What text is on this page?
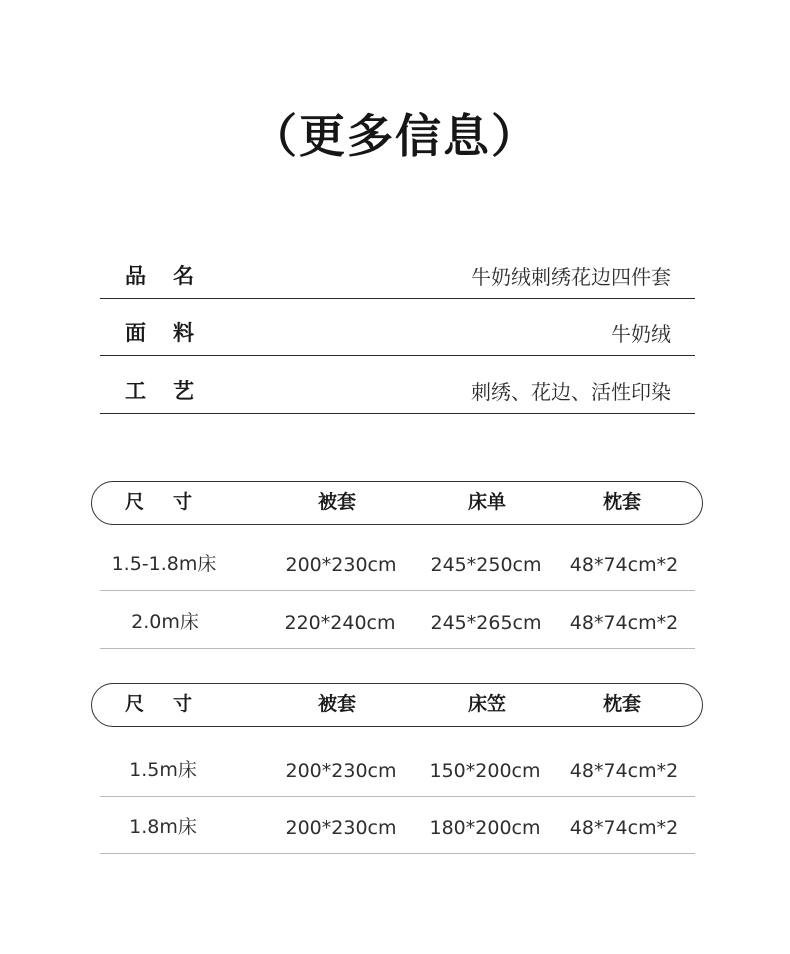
（更多信息）
品 名	牛奶绒刺绣花边四件套
面 料	牛奶绒
工 艺	刺绣、花边、活性印染
尺 寸	被套	床单	枕套
1.5-1.8m床	200*230cm 245*250cm 48*74cm*2
2.0m床	220*240cm 245*265cm 48*74cm*2
尺 寸	被套	床笠	枕套
1.5m床	200*230cm 150*200cm 48*74cm*2
1.8m床	200*230cm 180*200cm 48*74cm*2
